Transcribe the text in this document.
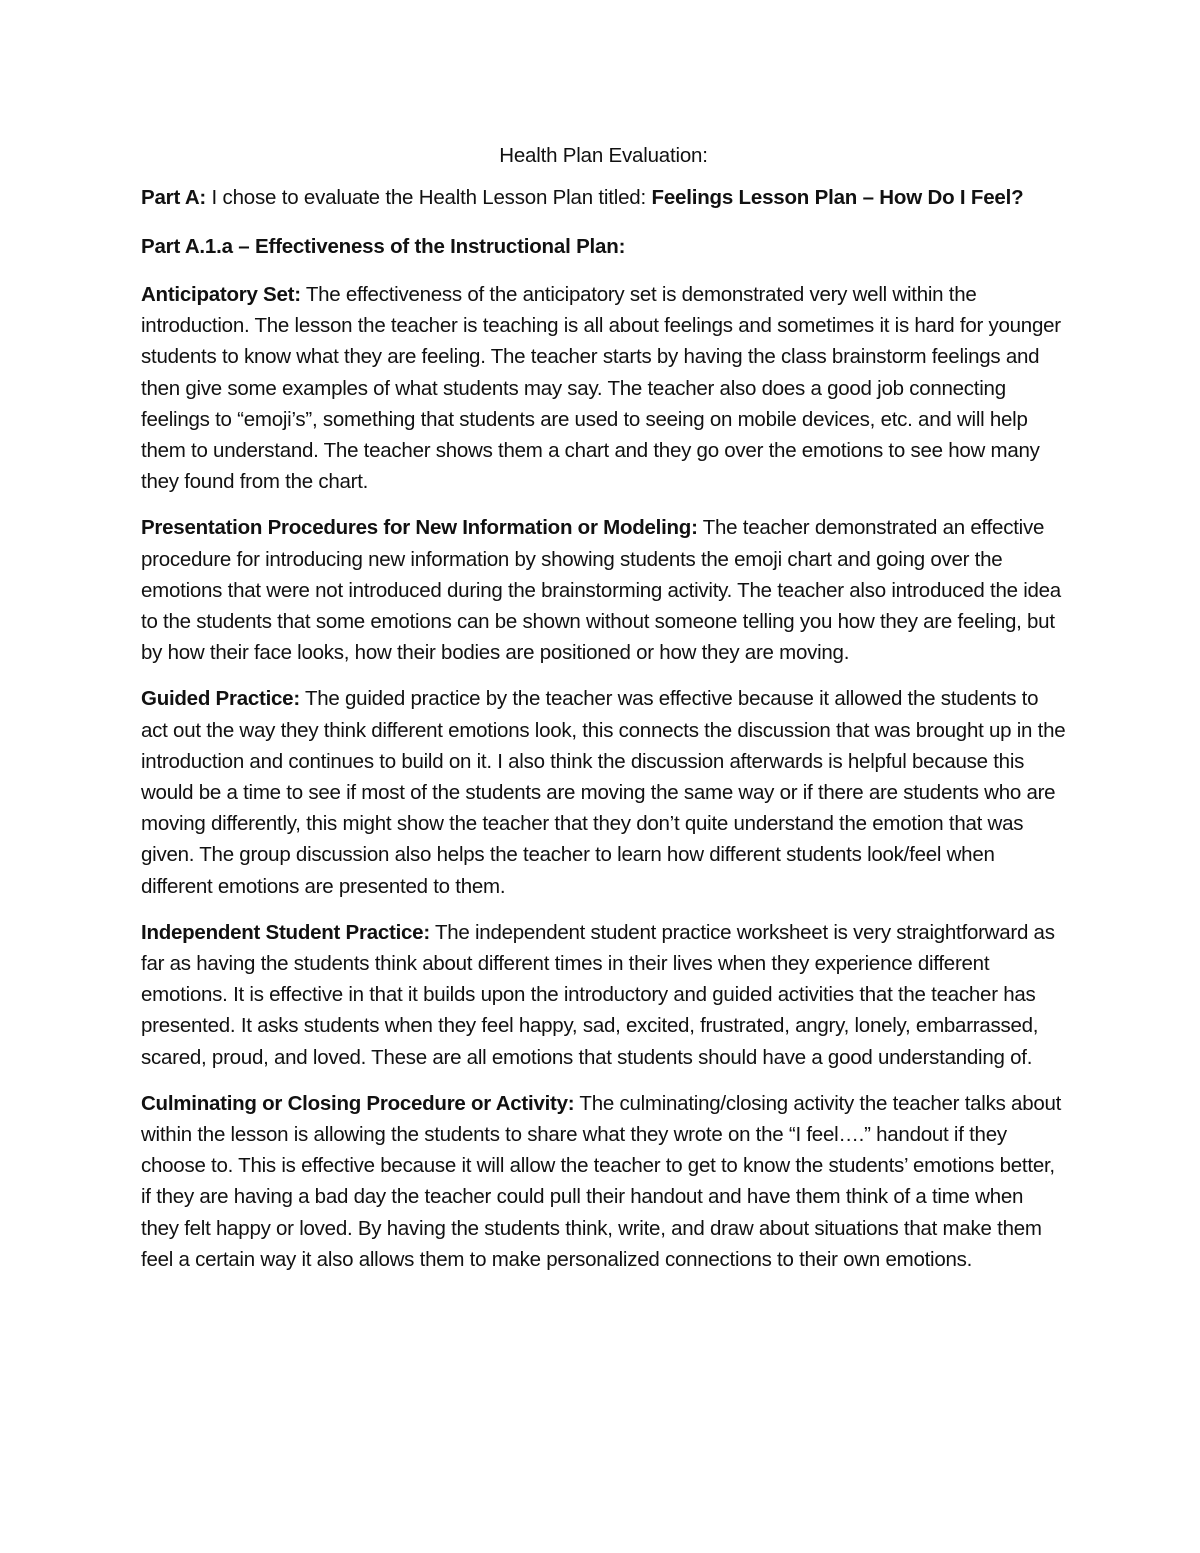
Health Plan Evaluation:
Part A: I chose to evaluate the Health Lesson Plan titled: Feelings Lesson Plan – How Do I Feel?
Part A.1.a – Effectiveness of the Instructional Plan:
Anticipatory Set: The effectiveness of the anticipatory set is demonstrated very well within the introduction. The lesson the teacher is teaching is all about feelings and sometimes it is hard for younger students to know what they are feeling. The teacher starts by having the class brainstorm feelings and then give some examples of what students may say. The teacher also does a good job connecting feelings to “emoji’s”, something that students are used to seeing on mobile devices, etc. and will help them to understand. The teacher shows them a chart and they go over the emotions to see how many they found from the chart.
Presentation Procedures for New Information or Modeling: The teacher demonstrated an effective procedure for introducing new information by showing students the emoji chart and going over the emotions that were not introduced during the brainstorming activity. The teacher also introduced the idea to the students that some emotions can be shown without someone telling you how they are feeling, but by how their face looks, how their bodies are positioned or how they are moving.
Guided Practice: The guided practice by the teacher was effective because it allowed the students to act out the way they think different emotions look, this connects the discussion that was brought up in the introduction and continues to build on it. I also think the discussion afterwards is helpful because this would be a time to see if most of the students are moving the same way or if there are students who are moving differently, this might show the teacher that they don’t quite understand the emotion that was given. The group discussion also helps the teacher to learn how different students look/feel when different emotions are presented to them.
Independent Student Practice: The independent student practice worksheet is very straightforward as far as having the students think about different times in their lives when they experience different emotions. It is effective in that it builds upon the introductory and guided activities that the teacher has presented. It asks students when they feel happy, sad, excited, frustrated, angry, lonely, embarrassed, scared, proud, and loved. These are all emotions that students should have a good understanding of.
Culminating or Closing Procedure or Activity: The culminating/closing activity the teacher talks about within the lesson is allowing the students to share what they wrote on the “I feel….” handout if they choose to. This is effective because it will allow the teacher to get to know the students’ emotions better, if they are having a bad day the teacher could pull their handout and have them think of a time when they felt happy or loved. By having the students think, write, and draw about situations that make them feel a certain way it also allows them to make personalized connections to their own emotions.
